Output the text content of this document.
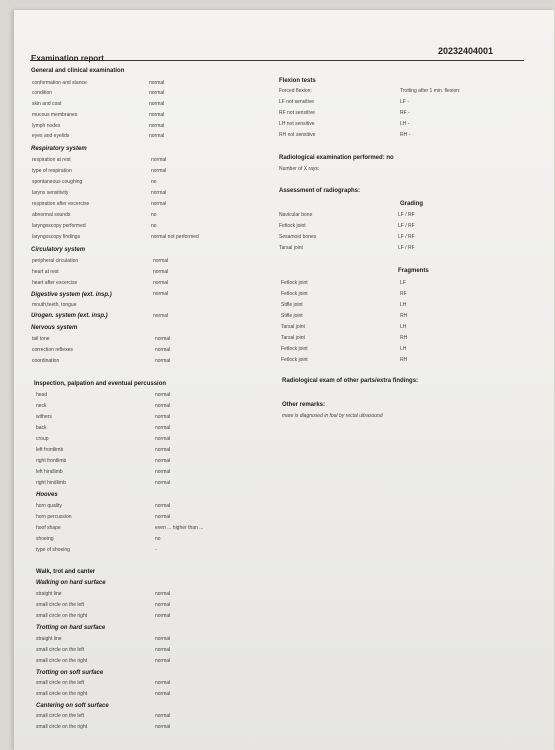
20232404001
Examination report
General and clinical examination
conformation and stance	normal
condition	normal
skin and coat	normal
mucous membranes	normal
lymph nodes	normal
eyes and eyelids	normal
Respiratory system
respiration at rest	normal
type of respiration	normal
spontaneous coughing	no
larynx sensitivity	normal
respiration after excercise	normal
abnormal sounds	no
laryngoscopy performed	no
laryngoscopy findings	normal not performed
Circulatory system
peripheral circulation	normal
heart at rest	normal
heart after excercise	normal
Digestive system (ext. insp.)	normal
mouth,teeth, tongue
Urogen. system (ext. insp.)	normal
Nervous system
tail tone	normal
correction reflexes	normal
coordination	normal
Inspection, palpation and eventual percussion
head	normal
neck	normal
withers	normal
back	normal
croup	normal
left frontlimb	normal
right frontlimb	normal
left hindlimb	normal
right hindlimb	normal
Hooves
horn quality	normal
horn percussion	normal
hoof shape	even ... higher than ...
shoeing	no
type of shoeing	-
Walk, trot and canter
Walking on hard surface
straight line	normal
small circle on the left	normal
small circle on the right	normal
Trotting on hard surface
straight line	normal
small circle on the left	normal
small circle on the right	normal
Trotting on soft surface
small circle on the left	normal
small circle on the right	normal
Cantering on soft surface
small circle on the left	normal
small circle on the right	normal
Flexion tests
Forced flexion:	Trotting after 1 min. flexion:
LF not sensitive	LF -
RF not sensitive	RF -
LH not sensitive	LH -
RH not sensitive	RH -
Radiological examination performed: no
Number of X rays:
Assessment of radiographs:
Grading
Navicular bone	LF / RF
Fetlock joint	LF / RF
Sesamoid bones	LF / RF
Tarsal joint	LF / RF
Fragments
Fetlock joint	LF
Fetlock joint	RF
Stifle joint	LH
Stifle joint	RH
Tarsal joint	LH
Tarsal joint	RH
Fetlock joint	LH
Fetlock joint	RH
Radiological exam of other parts/extra findings:
Other remarks:
mare is diagnosed in foal by rectal ultrasound
